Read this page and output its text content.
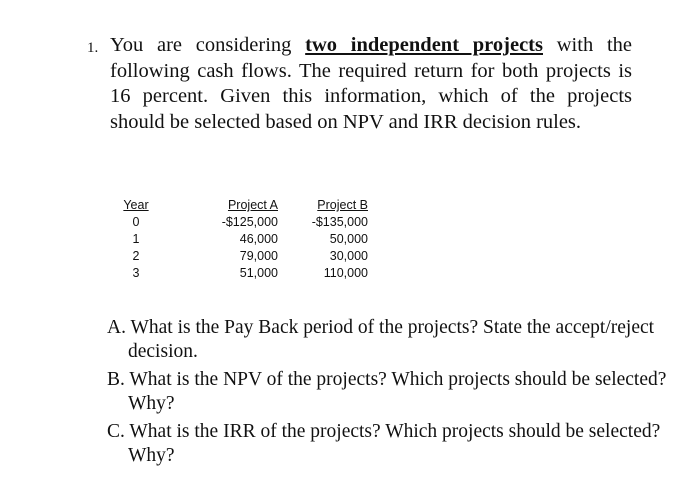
1. You are considering two independent projects with the following cash flows. The required return for both projects is 16 percent. Given this information, which of the projects should be selected based on NPV and IRR decision rules.
Year		Project A	Project B
0		-$125,000	-$135,000
1		46,000	50,000
2		79,000	30,000
3		51,000	110,000

A. What is the Pay Back period of the projects? State the accept/reject decision.

B. What is the NPV of the projects? Which projects should be selected? Why?

C. What is the IRR of the projects? Which projects should be selected? Why?
